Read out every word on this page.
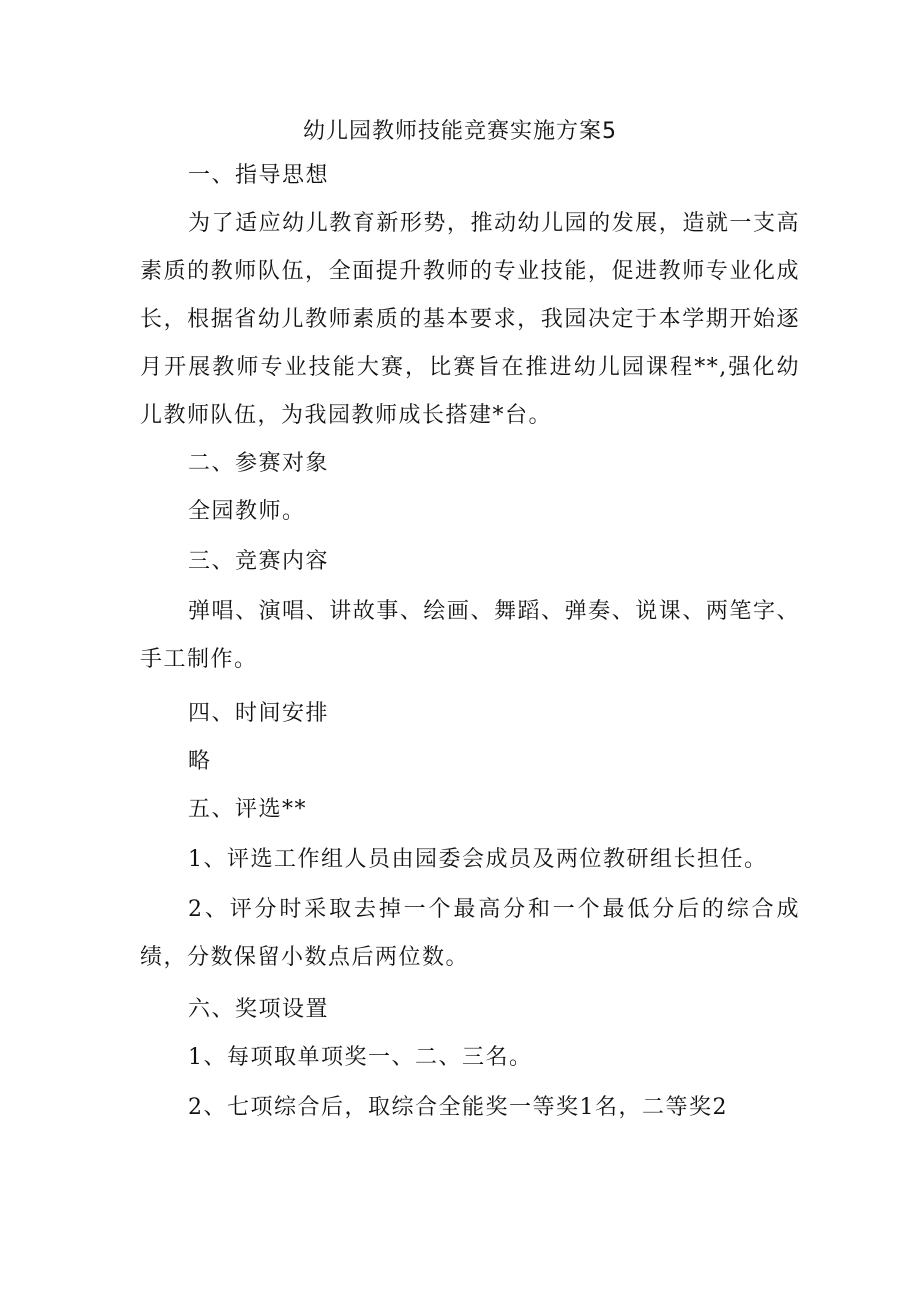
幼儿园教师技能竞赛实施方案5
一、指导思想
为了适应幼儿教育新形势，推动幼儿园的发展，造就一支高素质的教师队伍，全面提升教师的专业技能，促进教师专业化成长，根据省幼儿教师素质的基本要求，我园决定于本学期开始逐月开展教师专业技能大赛，比赛旨在推进幼儿园课程**,强化幼儿教师队伍，为我园教师成长搭建*台。
二、参赛对象
全园教师。
三、竞赛内容
弹唱、演唱、讲故事、绘画、舞蹈、弹奏、说课、两笔字、手工制作。
四、时间安排
略
五、评选**
1、评选工作组人员由园委会成员及两位教研组长担任。
2、评分时采取去掉一个最高分和一个最低分后的综合成绩，分数保留小数点后两位数。
六、奖项设置
1、每项取单项奖一、二、三名。
2、七项综合后，取综合全能奖一等奖1名，二等奖2
